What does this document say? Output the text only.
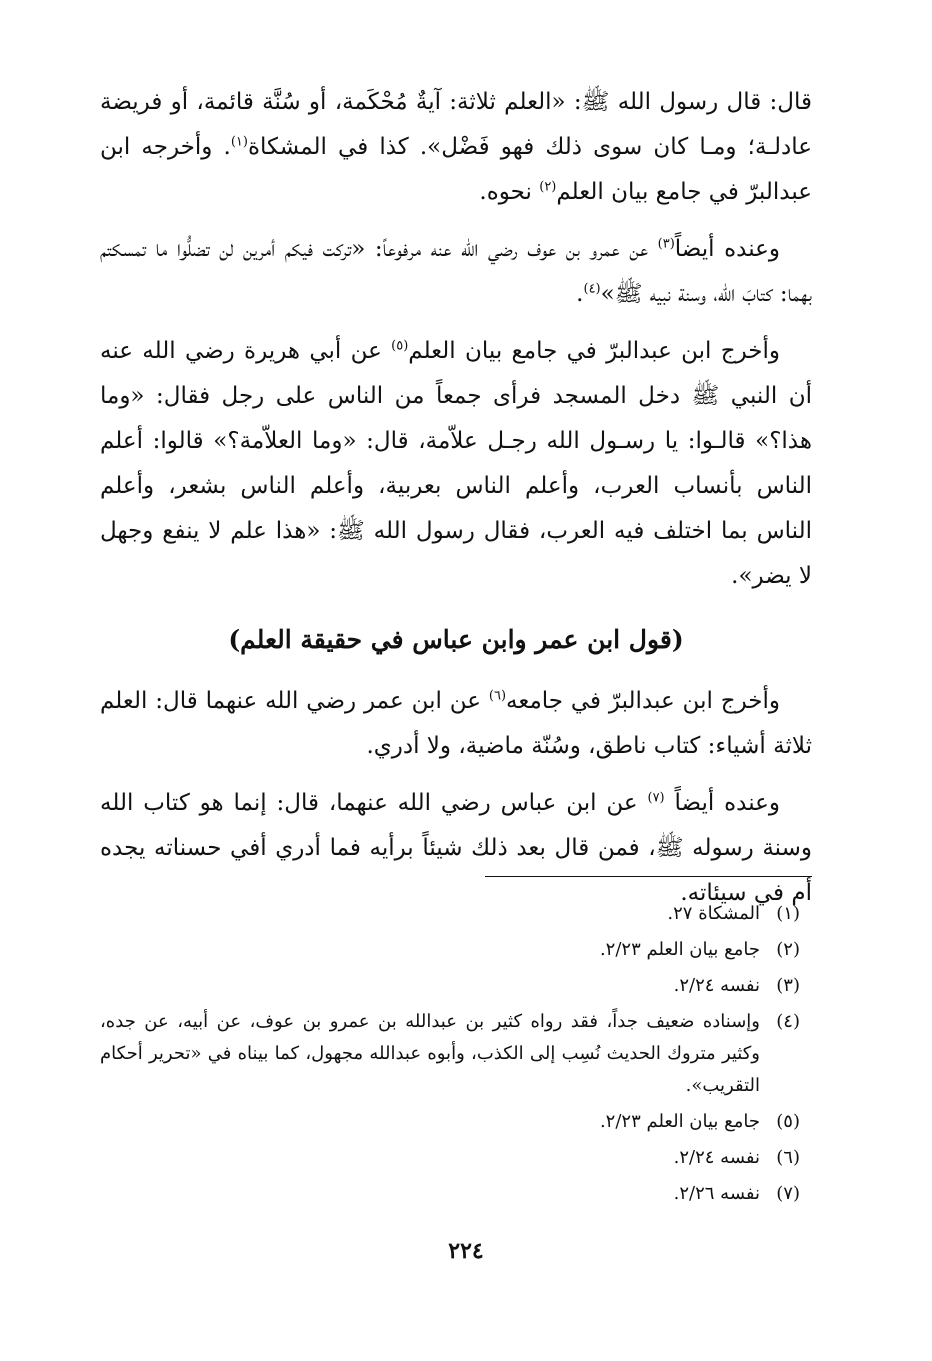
قال: قال رسول الله ﷺ: «العلم ثلاثة: آيةٌ مُحْكَمة، أو سُنَّة قائمة، أو فريضة عادلـة؛ ومـا كان سوى ذلك فهو فَضْل». كذا في المشكاة$^{(١)}$. وأخرجه ابن عبدالبرّ في جامع بيان العلم$^{(٢)}$ نحوه.

وعنده أيضاً$^{(٣)}$ عن عمرو بن عوف رضي الله عنه مرفوعاً: «تركت فيكم أمرين لن تضلُّوا ما تمسكتم بهما: كتابَ الله، وسنة نبيه ﷺ»$^{(٤)}$.

وأخرج ابن عبدالبرّ في جامع بيان العلم$^{(٥)}$ عن أبي هريرة رضي الله عنه أن النبي ﷺ دخل المسجد فرأى جمعاً من الناس على رجل فقال: «وما هذا؟» قالـوا: يا رسـول الله رجـل علاّمة، قال: «وما العلاّمة؟» قالوا: أعلم الناس بأنساب العرب، وأعلم الناس بعربية، وأعلم الناس بشعر، وأعلم الناس بما اختلف فيه العرب، فقال رسول الله ﷺ: «هذا علم لا ينفع وجهل لا يضر».

(قول ابن عمر وابن عباس في حقيقة العلم)

وأخرج ابن عبدالبرّ في جامعه$^{(٦)}$ عن ابن عمر رضي الله عنهما قال: العلم ثلاثة أشياء: كتاب ناطق، وسُنّة ماضية، ولا أدري.

وعنده أيضاً $^{(٧)}$ عن ابن عباس رضي الله عنهما، قال: إنما هو كتاب الله وسنة رسوله ﷺ، فمن قال بعد ذلك شيئاً برأيه فما أدري أفي حسناته يجده أم في سيئاته.

(١)
المشكاة ٢٧.
(٢)
جامع بيان العلم ٢/٢٣.
(٣)
نفسه ٢/٢٤.
(٤)
وإسناده ضعيف جداً، فقد رواه كثير بن عبدالله بن عمرو بن عوف، عن أبيه، عن جده، وكثير متروك الحديث نُسِب إلى الكذب، وأبوه عبدالله مجهول، كما بيناه في «تحرير أحكام التقريب».
(٥)
جامع بيان العلم ٢/٢٣.
(٦)
نفسه ٢/٢٤.
(٧)
نفسه ٢/٢٦.
٢٢٤
